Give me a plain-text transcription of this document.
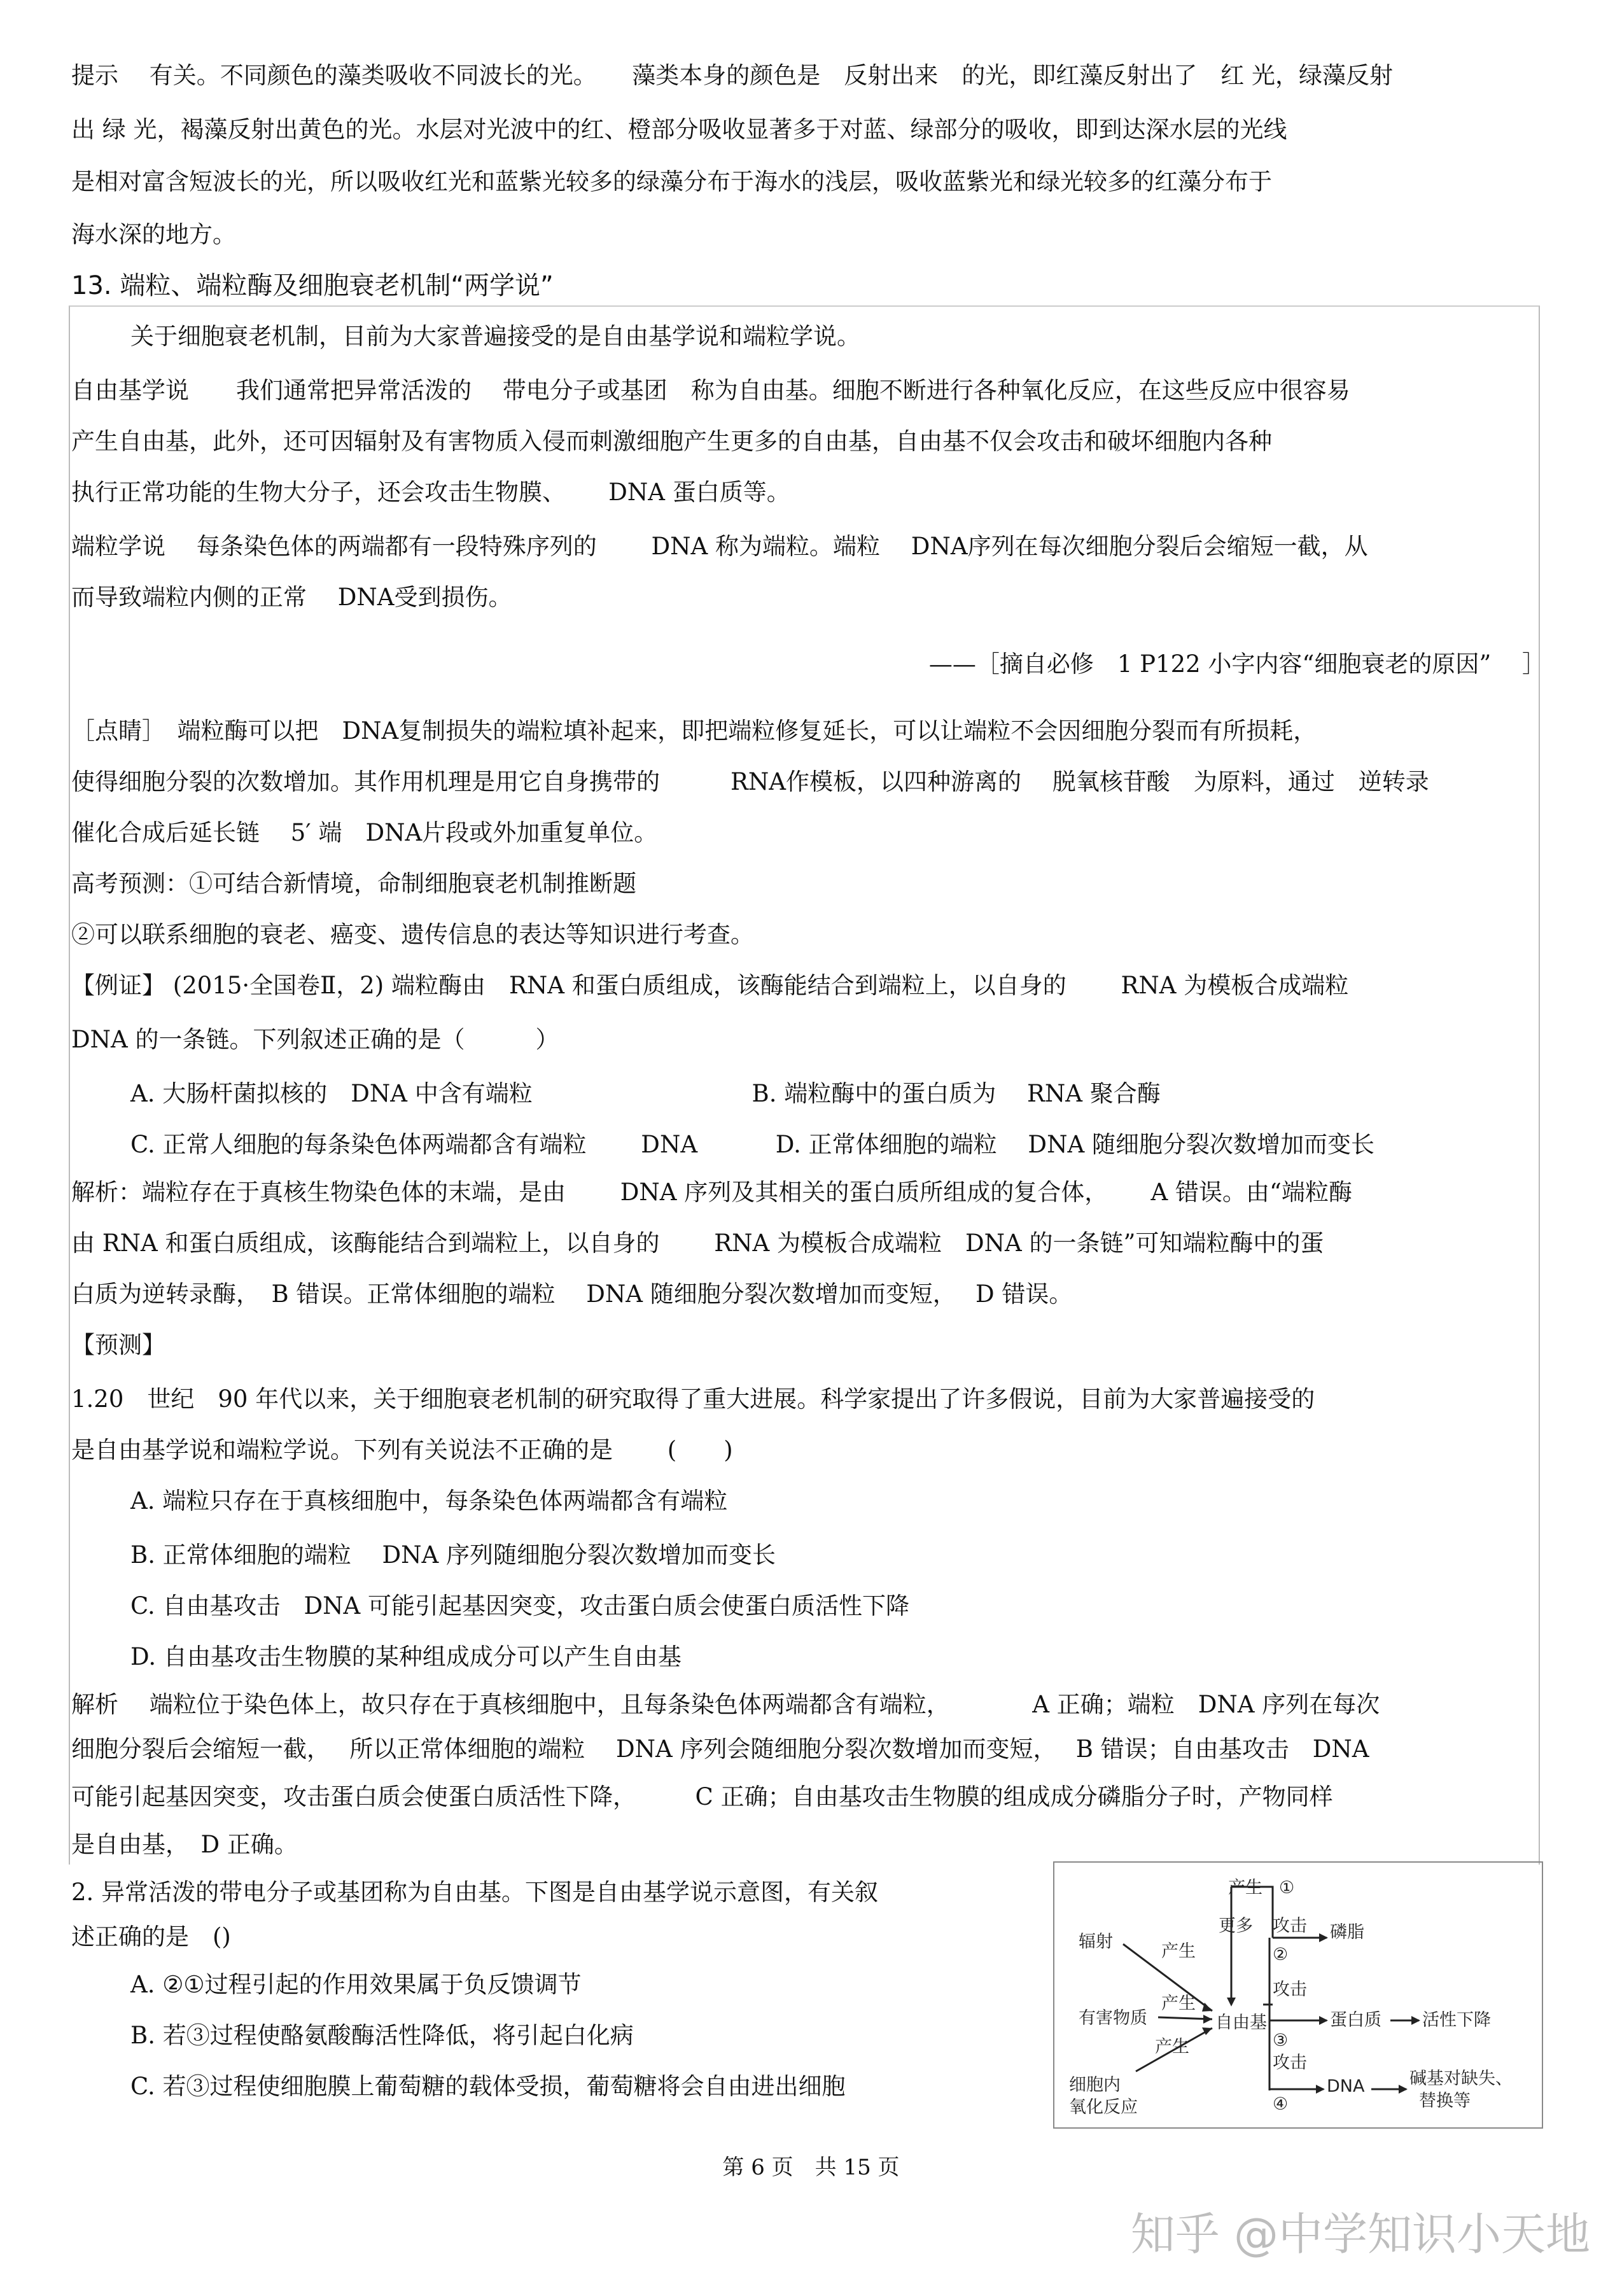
提示　 有关。不同颜色的藻类吸收不同波长的光。　　藻类本身的颜色是　反射出来　的光，即红藻反射出了　红 光，绿藻反射
出 绿 光，褐藻反射出黄色的光。水层对光波中的红、橙部分吸收显著多于对蓝、绿部分的吸收，即到达深水层的光线
是相对富含短波长的光，所以吸收红光和蓝紫光较多的绿藻分布于海水的浅层，吸收蓝紫光和绿光较多的红藻分布于
海水深的地方。
13. 端粒、端粒酶及细胞衰老机制“两学说”
关于细胞衰老机制，目前为大家普遍接受的是自由基学说和端粒学说。
自由基学说　　我们通常把异常活泼的　 带电分子或基团　称为自由基。细胞不断进行各种氧化反应，在这些反应中很容易
产生自由基，此外，还可因辐射及有害物质入侵而刺激细胞产生更多的自由基，自由基不仅会攻击和破坏细胞内各种
执行正常功能的生物大分子，还会攻击生物膜、　　 DNA 蛋白质等。
端粒学说　 每条染色体的两端都有一段特殊序列的　　 DNA 称为端粒。端粒　 DNA序列在每次细胞分裂后会缩短一截，从
而导致端粒内侧的正常　 DNA受到损伤。
——［摘自必修　1 P122 小字内容“细胞衰老的原因”　 ］
［点睛］　端粒酶可以把　DNA复制损失的端粒填补起来，即把端粒修复延长，可以让端粒不会因细胞分裂而有所损耗，
使得细胞分裂的次数增加。其作用机理是用它自身携带的　　　RNA作模板，以四种游离的　 脱氧核苷酸　为原料，通过　逆转录
催化合成后延长链　 5′ 端　DNA片段或外加重复单位。
高考预测：①可结合新情境，命制细胞衰老机制推断题
②可以联系细胞的衰老、癌变、遗传信息的表达等知识进行考查。
【例证】 (2015·全国卷Ⅱ，2) 端粒酶由　RNA 和蛋白质组成，该酶能结合到端粒上，以自身的　　 RNA 为模板合成端粒
DNA 的一条链。下列叙述正确的是（　　　）
A. 大肠杆菌拟核的　DNA 中含有端粒　　　　　　　　　 B. 端粒酶中的蛋白质为　 RNA 聚合酶
C. 正常人细胞的每条染色体两端都含有端粒　　 DNA　　　 D. 正常体细胞的端粒　 DNA 随细胞分裂次数增加而变长
解析：端粒存在于真核生物染色体的末端，是由　　 DNA 序列及其相关的蛋白质所组成的复合体，　　 A 错误。由“端粒酶
由 RNA 和蛋白质组成，该酶能结合到端粒上，以自身的　　 RNA 为模板合成端粒　DNA 的一条链”可知端粒酶中的蛋
白质为逆转录酶，　B 错误。正常体细胞的端粒　 DNA 随细胞分裂次数增加而变短，　 D 错误。
【预测】
1.20　世纪　90 年代以来，关于细胞衰老机制的研究取得了重大进展。科学家提出了许多假说，目前为大家普遍接受的
是自由基学说和端粒学说。下列有关说法不正确的是　　 (　　)
A. 端粒只存在于真核细胞中，每条染色体两端都含有端粒
B. 正常体细胞的端粒　 DNA 序列随细胞分裂次数增加而变长
C. 自由基攻击　DNA 可能引起基因突变，攻击蛋白质会使蛋白质活性下降
D. 自由基攻击生物膜的某种组成成分可以产生自由基
解析　 端粒位于染色体上，故只存在于真核细胞中，且每条染色体两端都含有端粒，　　　　A 正确；端粒　DNA 序列在每次
细胞分裂后会缩短一截，　 所以正常体细胞的端粒　 DNA 序列会随细胞分裂次数增加而变短，　 B 错误；自由基攻击　DNA
可能引起基因突变，攻击蛋白质会使蛋白质活性下降，　　　C 正确；自由基攻击生物膜的组成成分磷脂分子时，产物同样
是自由基，　D 正确。
2. 异常活泼的带电分子或基团称为自由基。下图是自由基学说示意图，有关叙
述正确的是　()
A. ②①过程引起的作用效果属于负反馈调节
B. 若③过程使酪氨酸酶活性降低，将引起白化病
C. 若③过程使细胞膜上葡萄糖的载体受损，葡萄糖将会自由进出细胞
辐射
有害物质
细胞内
氧化反应
产生
产生
产生
自由基
产生 ①
更多 攻击
②
磷脂
攻击
③
蛋白质 活性下降
攻击
④
DNA	碱基对缺失、
替换等
第 6 页　共 15 页
知乎 @中学知识小天地
